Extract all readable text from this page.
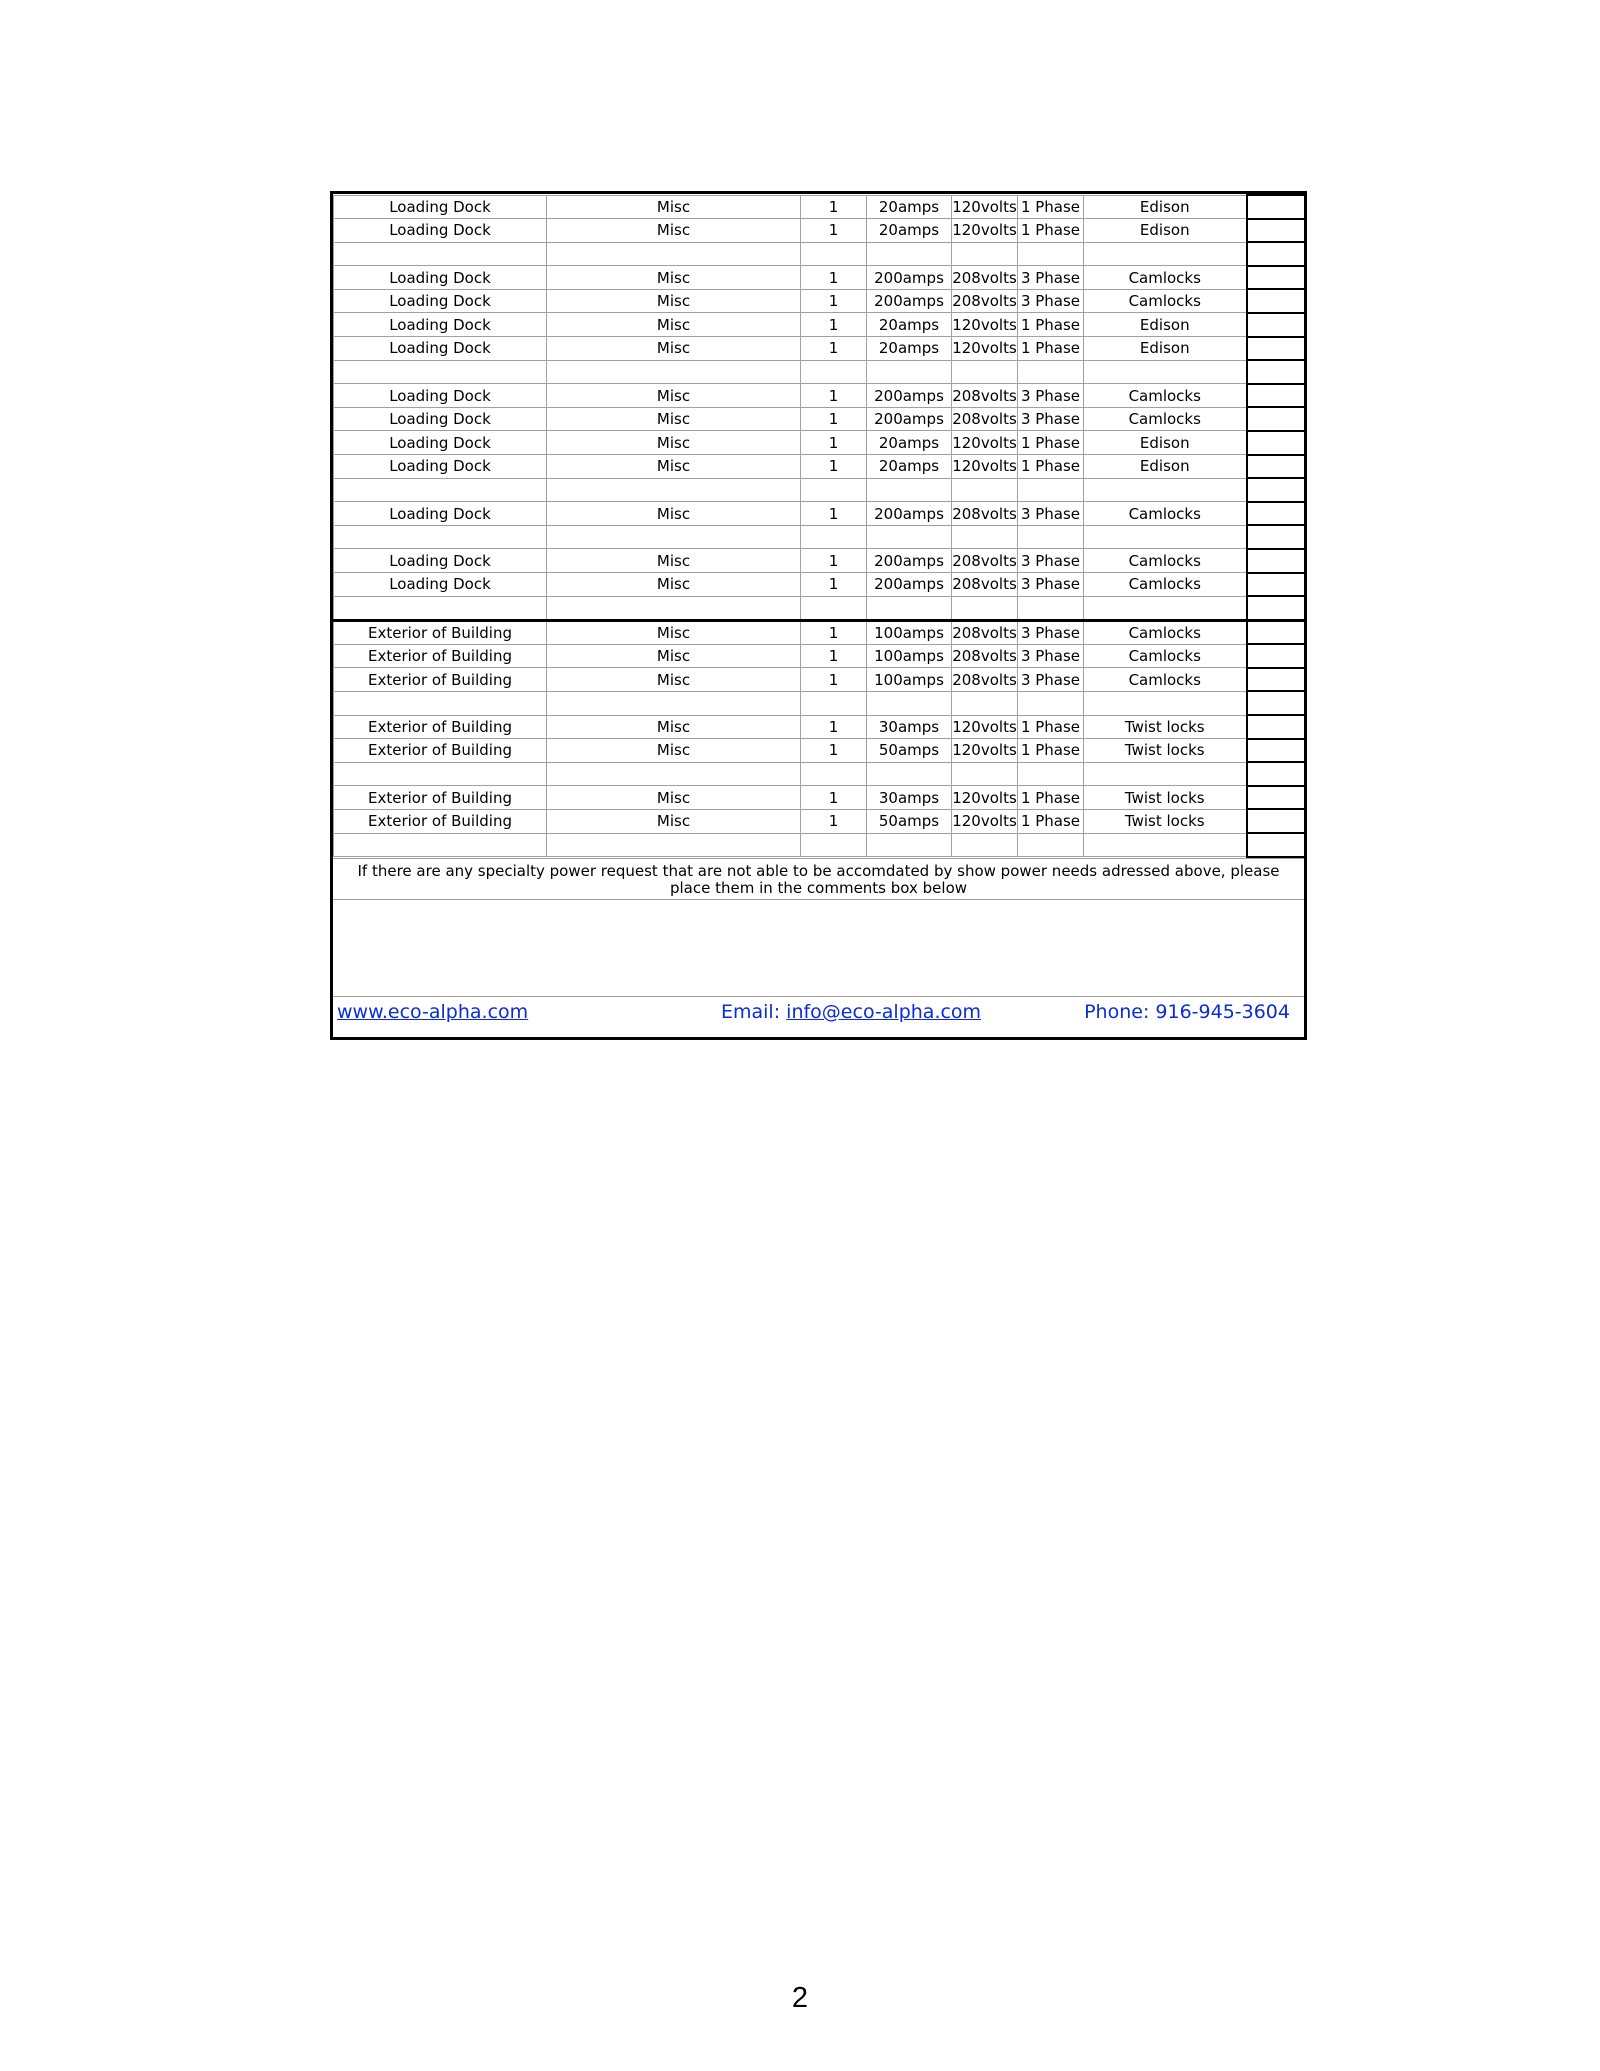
Loading Dock	Misc	1	20amps	120volts	1 Phase	Edison	
Loading Dock	Misc	1	20amps	120volts	1 Phase	Edison	

Loading Dock	Misc	1	200amps	208volts	3 Phase	Camlocks	
Loading Dock	Misc	1	200amps	208volts	3 Phase	Camlocks	
Loading Dock	Misc	1	20amps	120volts	1 Phase	Edison	
Loading Dock	Misc	1	20amps	120volts	1 Phase	Edison	

Loading Dock	Misc	1	200amps	208volts	3 Phase	Camlocks	
Loading Dock	Misc	1	200amps	208volts	3 Phase	Camlocks	
Loading Dock	Misc	1	20amps	120volts	1 Phase	Edison	
Loading Dock	Misc	1	20amps	120volts	1 Phase	Edison	

Loading Dock	Misc	1	200amps	208volts	3 Phase	Camlocks	

Loading Dock	Misc	1	200amps	208volts	3 Phase	Camlocks	
Loading Dock	Misc	1	200amps	208volts	3 Phase	Camlocks	

Exterior of Building	Misc	1	100amps	208volts	3 Phase	Camlocks	
Exterior of Building	Misc	1	100amps	208volts	3 Phase	Camlocks	
Exterior of Building	Misc	1	100amps	208volts	3 Phase	Camlocks	

Exterior of Building	Misc	1	30amps	120volts	1 Phase	Twist locks	
Exterior of Building	Misc	1	50amps	120volts	1 Phase	Twist locks	

Exterior of Building	Misc	1	30amps	120volts	1 Phase	Twist locks	
Exterior of Building	Misc	1	50amps	120volts	1 Phase	Twist locks	

If there are any specialty power request that are not able to be accomdated by show power needs adressed above, please place them in the comments box below
www.eco-alpha.com	Email: info@eco-alpha.com	Phone: 916-945-3604
2
